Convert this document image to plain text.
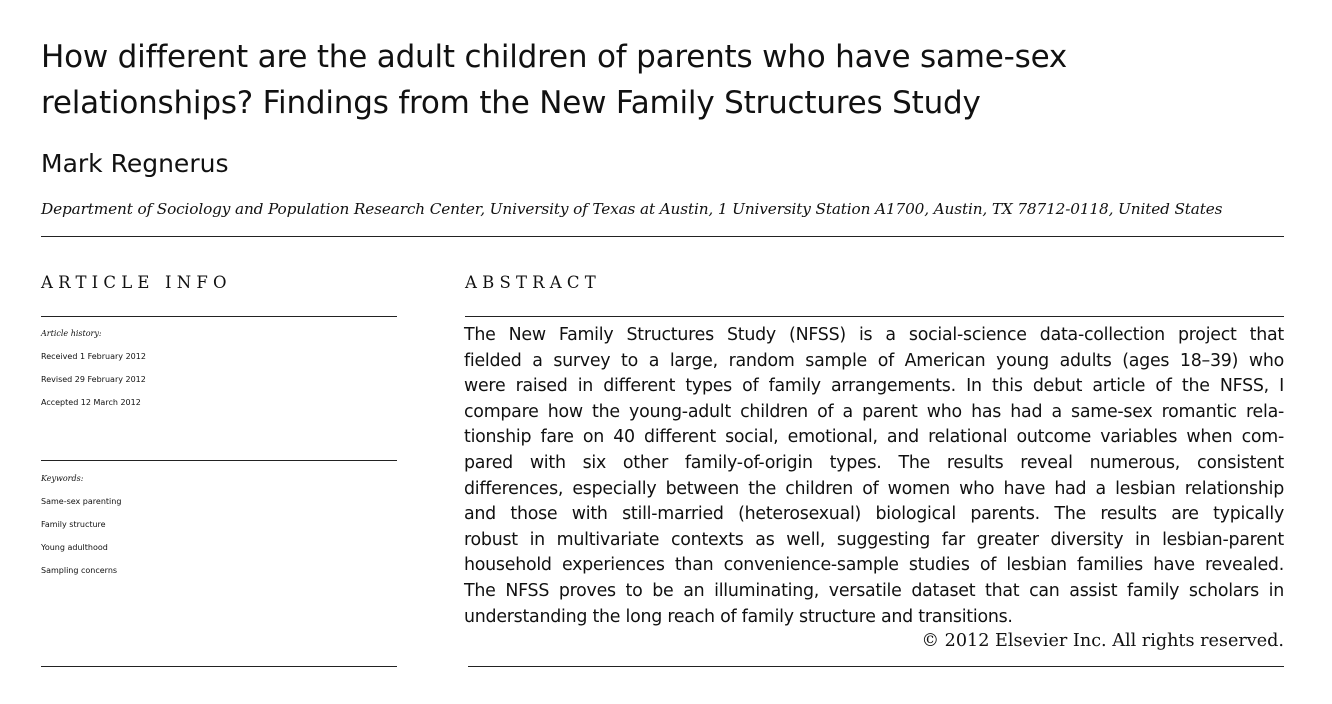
How different are the adult children of parents who have same-sex
relationships? Findings from the New Family Structures Study
Mark Regnerus
Department of Sociology and Population Research Center, University of Texas at Austin, 1 University Station A1700, Austin, TX 78712-0118, United States
ARTICLE INFO
Article history:
Received 1 February 2012
Revised 29 February 2012
Accepted 12 March 2012
Keywords:
Same-sex parenting
Family structure
Young adulthood
Sampling concerns
ABSTRACT
The New Family Structures Study (NFSS) is a social-science data-collection project that
fielded a survey to a large, random sample of American young adults (ages 18–39) who
were raised in different types of family arrangements. In this debut article of the NFSS, I
compare how the young-adult children of a parent who has had a same-sex romantic rela-
tionship fare on 40 different social, emotional, and relational outcome variables when com-
pared with six other family-of-origin types. The results reveal numerous, consistent
differences, especially between the children of women who have had a lesbian relationship
and those with still-married (heterosexual) biological parents. The results are typically
robust in multivariate contexts as well, suggesting far greater diversity in lesbian-parent
household experiences than convenience-sample studies of lesbian families have revealed.
The NFSS proves to be an illuminating, versatile dataset that can assist family scholars in
understanding the long reach of family structure and transitions.
© 2012 Elsevier Inc. All rights reserved.
